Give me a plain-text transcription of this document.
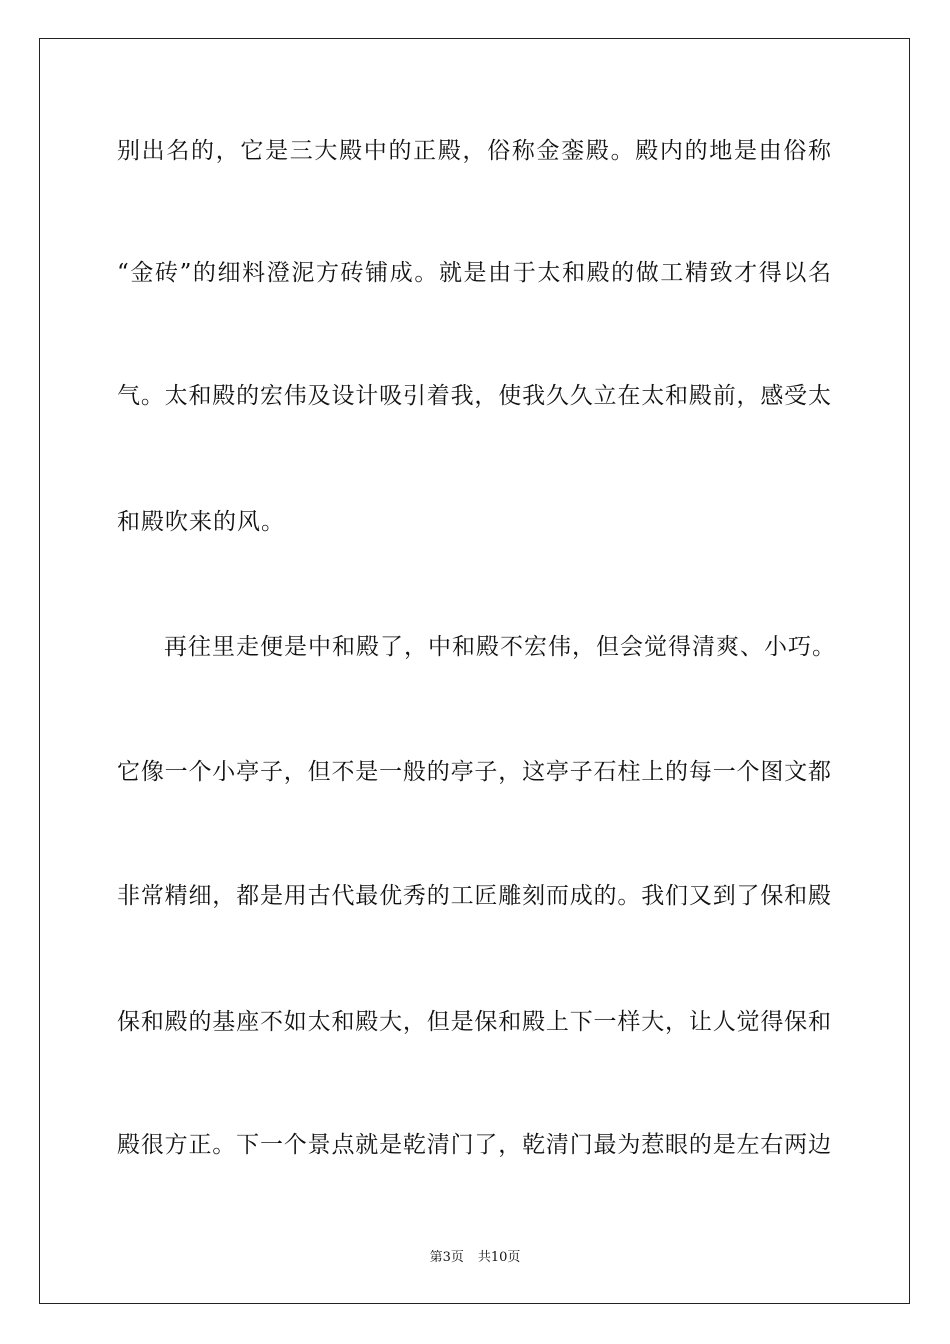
别出名的，它是三大殿中的正殿，俗称金銮殿。殿内的地是由俗称
“金砖”的细料澄泥方砖铺成。就是由于太和殿的做工精致才得以名
气。太和殿的宏伟及设计吸引着我，使我久久立在太和殿前，感受太
和殿吹来的风。
再往里走便是中和殿了，中和殿不宏伟，但会觉得清爽、小巧。
它像一个小亭子，但不是一般的亭子，这亭子石柱上的每一个图文都
非常精细，都是用古代最优秀的工匠雕刻而成的。我们又到了保和殿
保和殿的基座不如太和殿大，但是保和殿上下一样大，让人觉得保和
殿很方正。下一个景点就是乾清门了，乾清门最为惹眼的是左右两边
第3页 共10页
